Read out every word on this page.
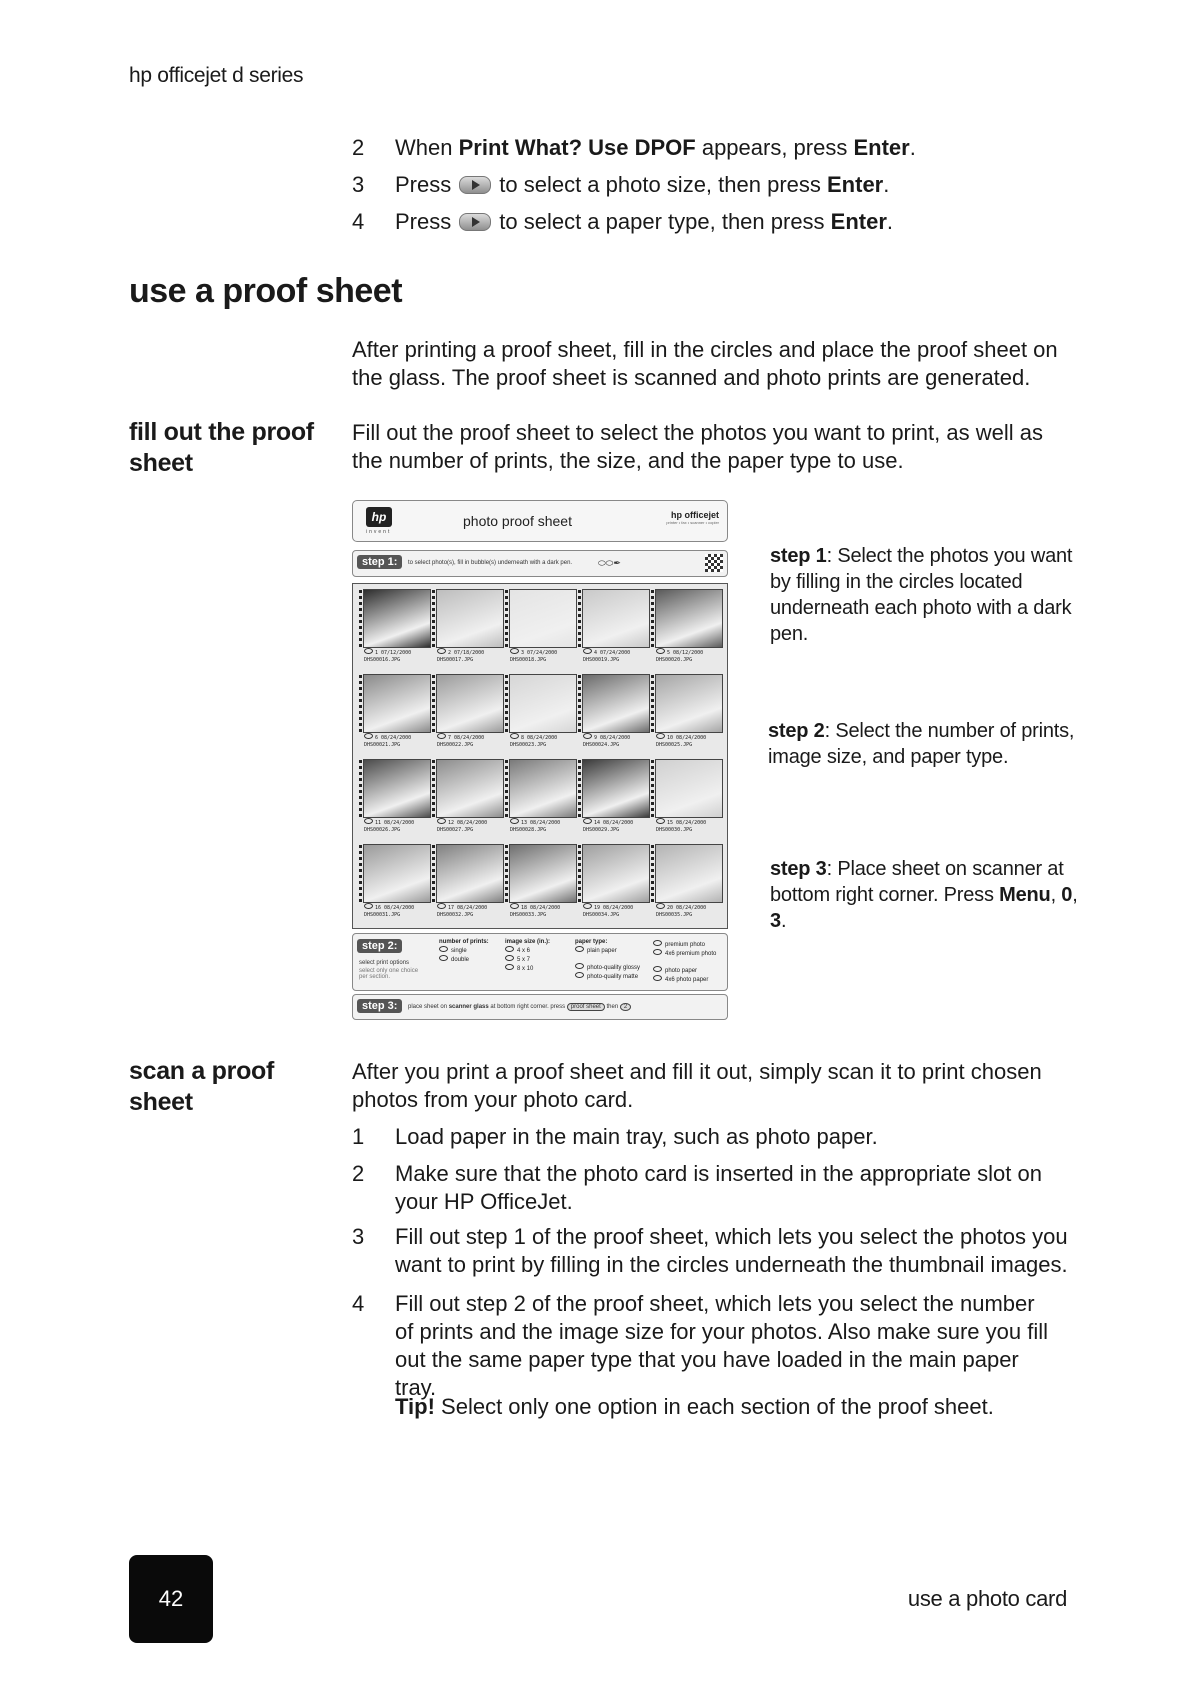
hp officejet d series
2	When Print What? Use DPOF appears, press Enter.
3	Press to select a photo size, then press Enter.
4	Press to select a paper type, then press Enter.
use a proof sheet
After printing a proof sheet, fill in the circles and place the proof sheet on the glass. The proof sheet is scanned and photo prints are generated.
fill out the proof sheet
Fill out the proof sheet to select the photos you want to print, as well as the number of prints, the size, and the paper type to use.
hp
invent
photo proof sheet	hp officejet
printer • fax • scanner • copier
step 1:	to select photo(s), fill in bubble(s) underneath with a dark pen.	⬭⬭✒
1 07/12/2000
DHS00016.JPG
2 07/18/2000
DHS00017.JPG
3 07/24/2000
DHS00018.JPG
4 07/24/2000
DHS00019.JPG
5 08/12/2000
DHS00020.JPG
6 08/24/2000
DHS00021.JPG
7 08/24/2000
DHS00022.JPG
8 08/24/2000
DHS00023.JPG
9 08/24/2000
DHS00024.JPG
10 08/24/2000
DHS00025.JPG
11 08/24/2000
DHS00026.JPG
12 08/24/2000
DHS00027.JPG
13 08/24/2000
DHS00028.JPG
14 08/24/2000
DHS00029.JPG
15 08/24/2000
DHS00030.JPG
16 08/24/2000
DHS00031.JPG
17 08/24/2000
DHS00032.JPG
18 08/24/2000
DHS00033.JPG
19 08/24/2000
DHS00034.JPG
20 08/24/2000
DHS00035.JPG
step 2:
select print options
select only one choice per section.
number of prints:
single
double
image size (in.):
4 x 6
5 x 7
8 x 10
paper type:
plain paper
photo-quality glossy
photo-quality matte
premium photo
4x6 premium photo
photo paper
4x6 photo paper
step 3:	place sheet on scanner glass at bottom right corner. press proof sheet then 2
step 1: Select the photos you want by filling in the circles located underneath each photo with a dark pen.
step 2: Select the number of prints, image size, and paper type.
step 3: Place sheet on scanner at bottom right corner. Press Menu, 0, 3.
scan a proof sheet
After you print a proof sheet and fill it out, simply scan it to print chosen photos from your photo card.
1 Load paper in the main tray, such as photo paper.
2 Make sure that the photo card is inserted in the appropriate slot on your HP OfficeJet.
3 Fill out step 1 of the proof sheet, which lets you select the photos you want to print by filling in the circles underneath the thumbnail images.
4 Fill out step 2 of the proof sheet, which lets you select the number of prints and the image size for your photos. Also make sure you fill out the same paper type that you have loaded in the main paper tray.
Tip! Select only one option in each section of the proof sheet.
42	use a photo card
